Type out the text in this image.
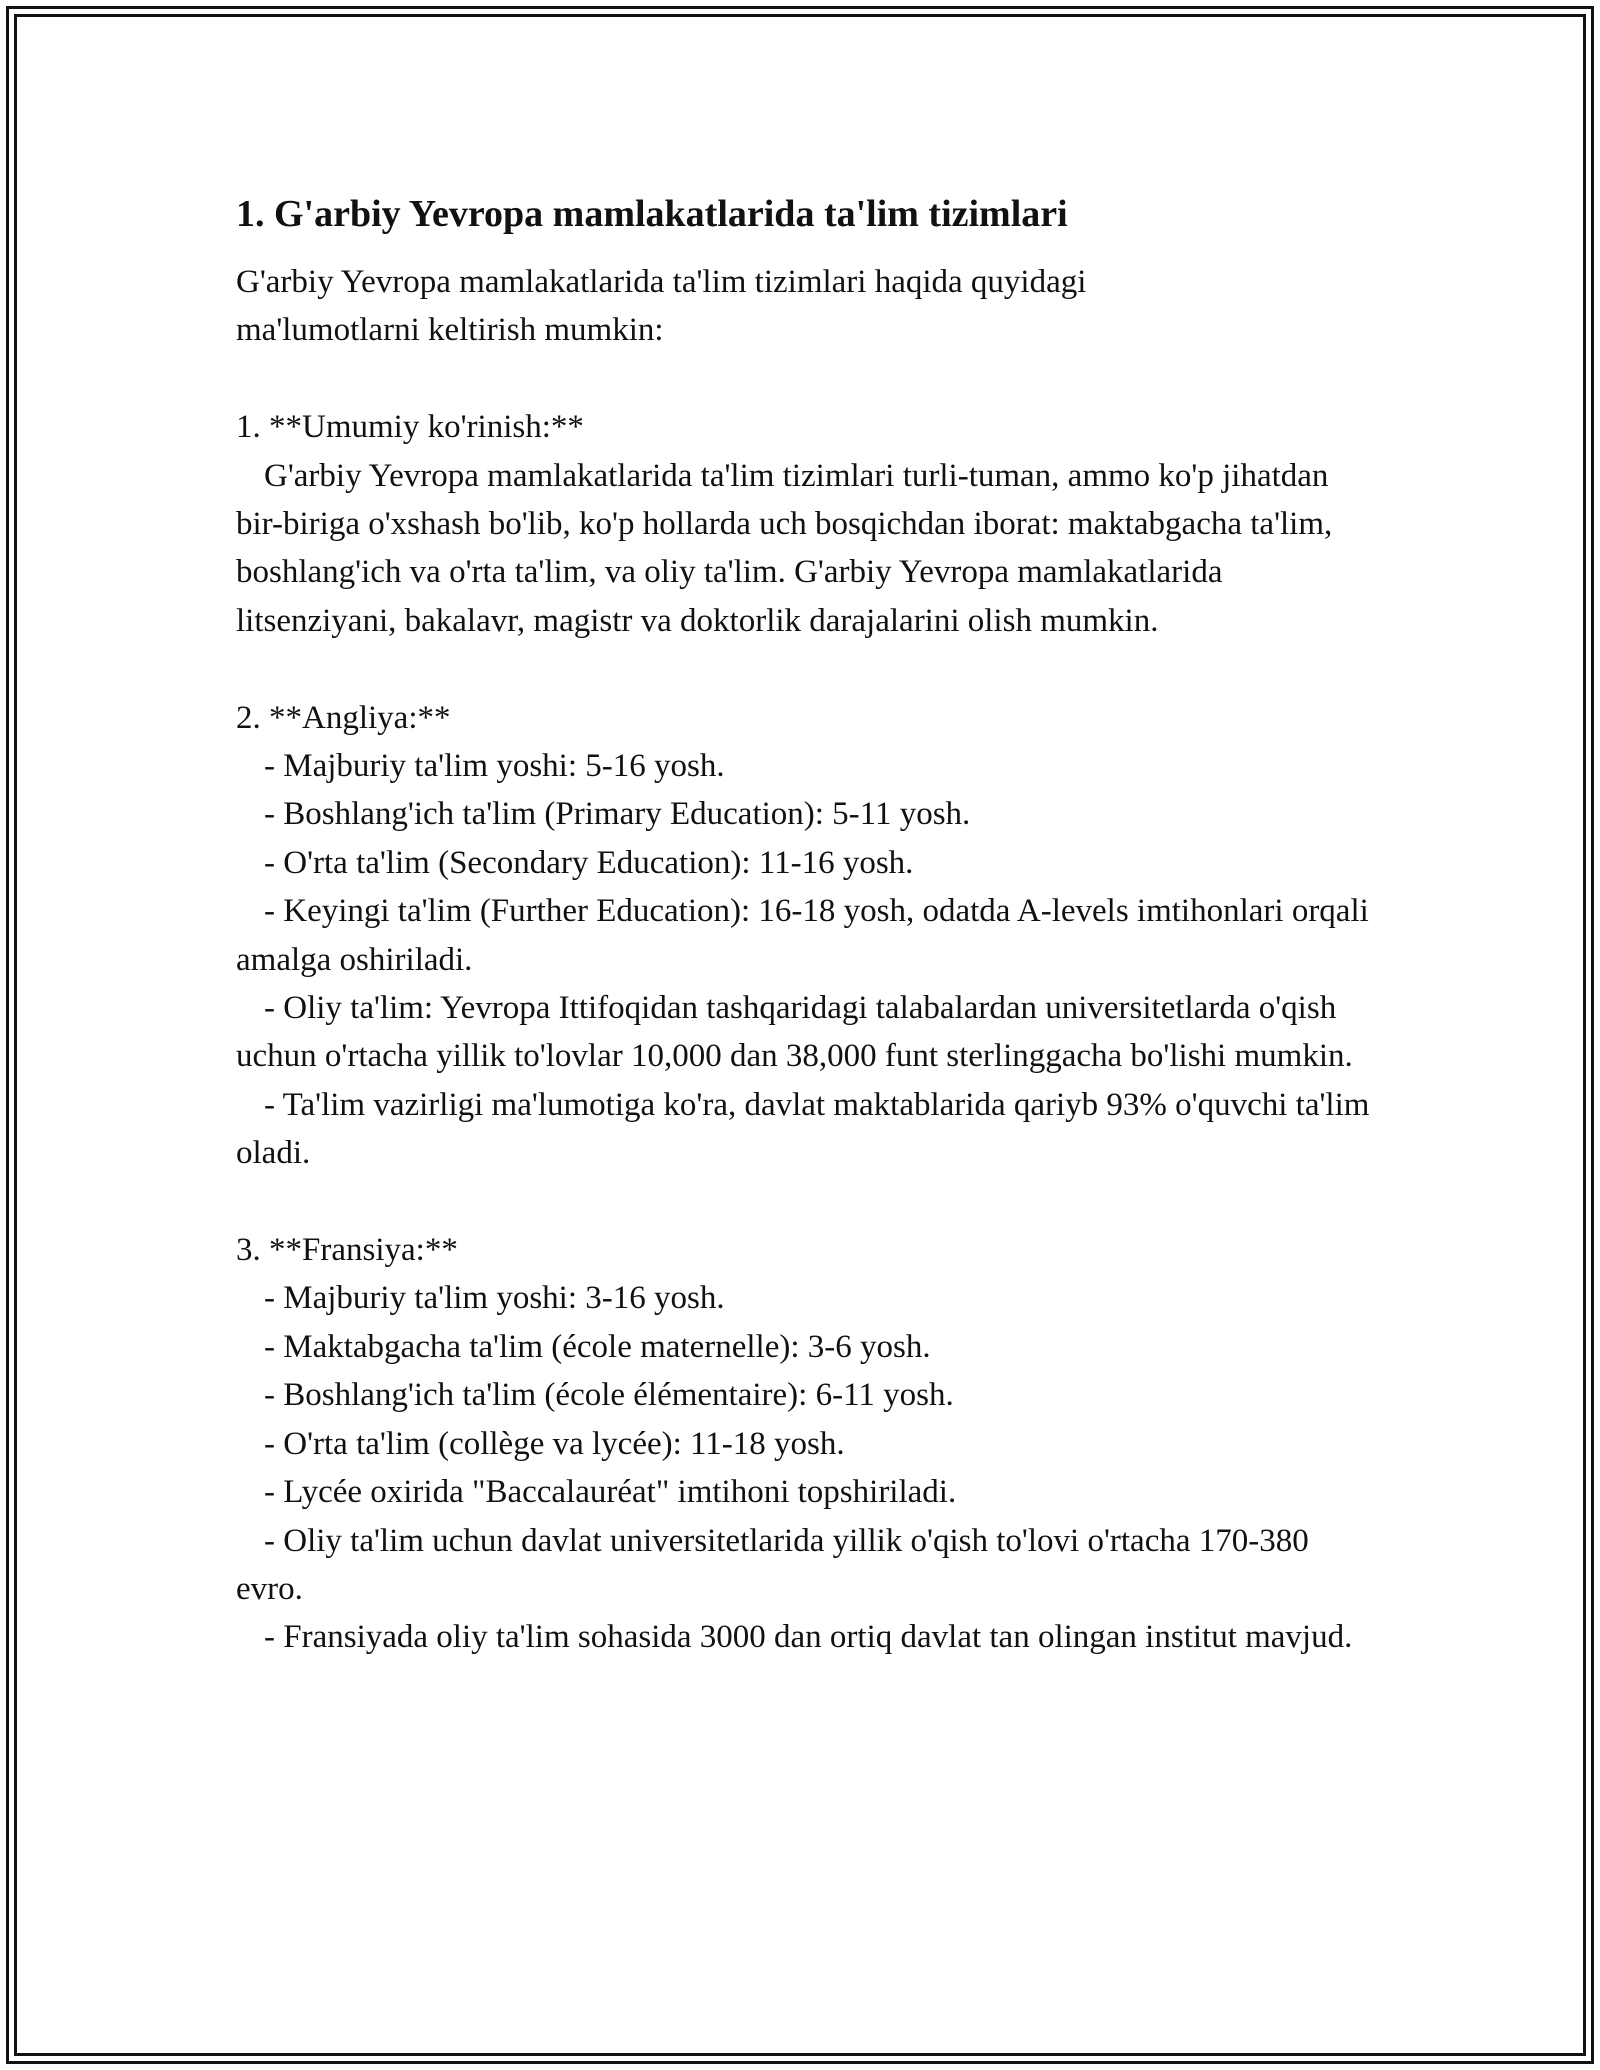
1. G'arbiy Yevropa mamlakatlarida ta'lim tizimlari

G'arbiy Yevropa mamlakatlarida ta'lim tizimlari haqida quyidagi
ma'lumotlarni keltirish mumkin:

1. **Umumiy ko'rinish:**

G'arbiy Yevropa mamlakatlarida ta'lim tizimlari turli-tuman, ammo ko'p jihatdan bir-biriga o'xshash bo'lib, ko'p hollarda uch bosqichdan iborat: maktabgacha ta'lim, boshlang'ich va o'rta ta'lim, va oliy ta'lim. G'arbiy Yevropa mamlakatlarida litsenziyani, bakalavr, magistr va doktorlik darajalarini olish mumkin.

2. **Angliya:**

- Majburiy ta'lim yoshi: 5-16 yosh.

- Boshlang'ich ta'lim (Primary Education): 5-11 yosh.

- O'rta ta'lim (Secondary Education): 11-16 yosh.

- Keyingi ta'lim (Further Education): 16-18 yosh, odatda A-levels imtihonlari orqali amalga oshiriladi.

- Oliy ta'lim: Yevropa Ittifoqidan tashqaridagi talabalardan universitetlarda o'qish uchun o'rtacha yillik to'lovlar 10,000 dan 38,000 funt sterlinggacha bo'lishi mumkin.

- Ta'lim vazirligi ma'lumotiga ko'ra, davlat maktablarida qariyb 93% o'quvchi ta'lim oladi.

3. **Fransiya:**

- Majburiy ta'lim yoshi: 3-16 yosh.

- Maktabgacha ta'lim (école maternelle): 3-6 yosh.

- Boshlang'ich ta'lim (école élémentaire): 6-11 yosh.

- O'rta ta'lim (collège va lycée): 11-18 yosh.

- Lycée oxirida "Baccalauréat" imtihoni topshiriladi.

- Oliy ta'lim uchun davlat universitetlarida yillik o'qish to'lovi o'rtacha 170-380 evro.

- Fransiyada oliy ta'lim sohasida 3000 dan ortiq davlat tan olingan institut mavjud.
